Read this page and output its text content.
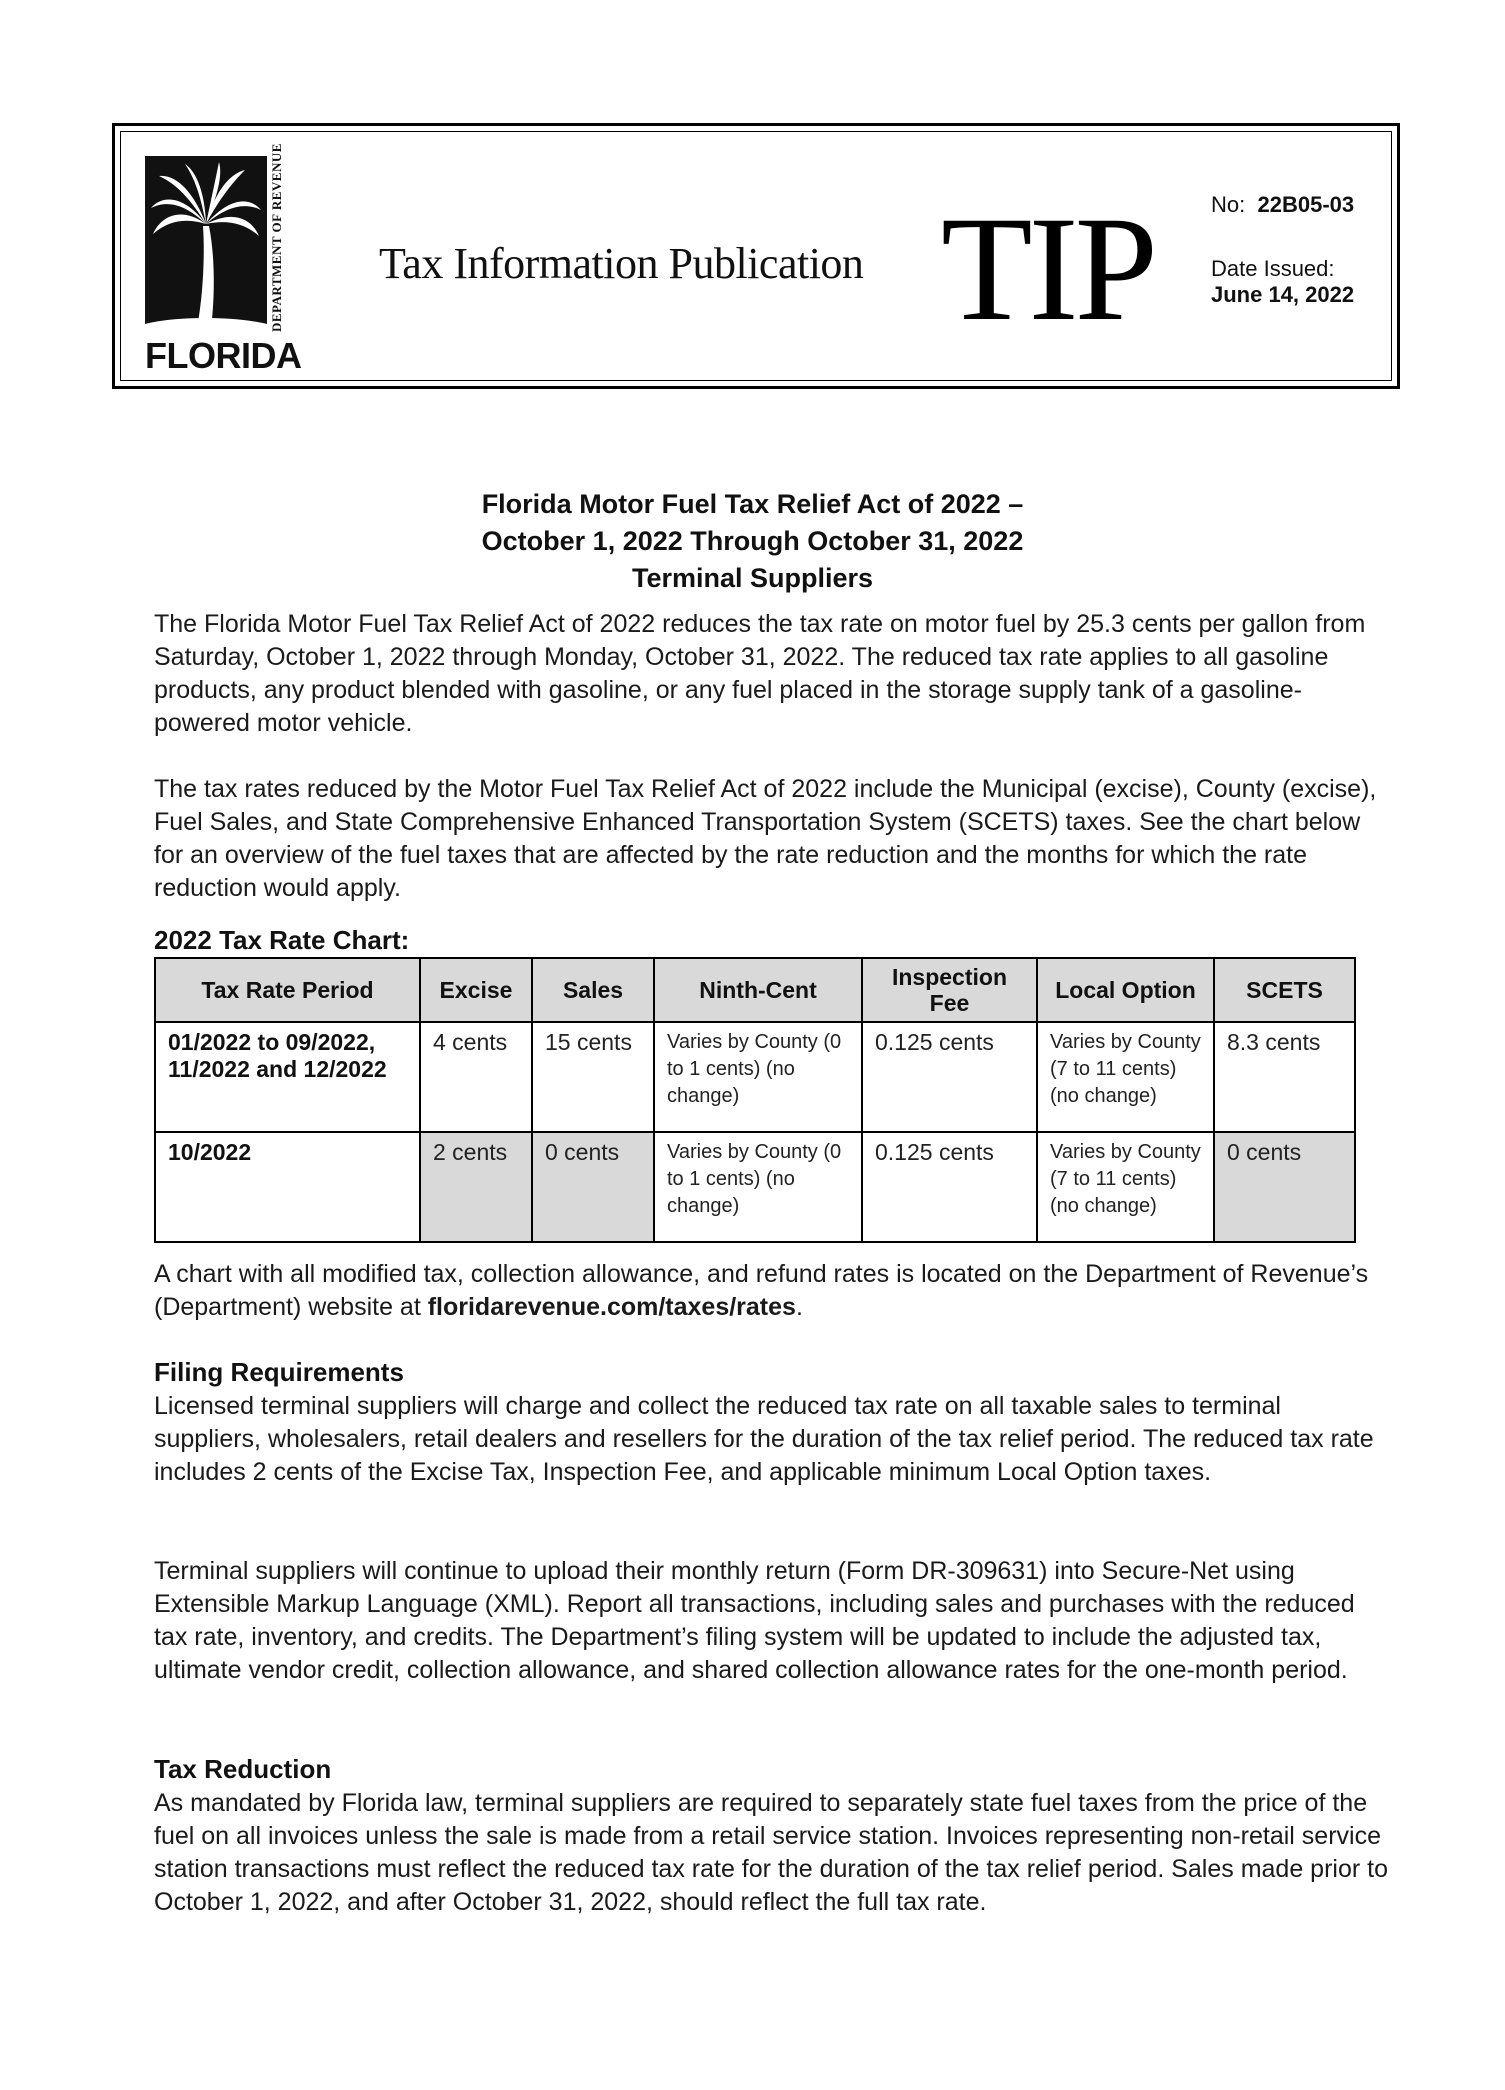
DEPARTMENT OF REVENUE
FLORIDA
Tax Information Publication TIP	No: 22B05-03
Date Issued:
June 14, 2022
Florida Motor Fuel Tax Relief Act of 2022 –
October 1, 2022 Through October 31, 2022
Terminal Suppliers
The Florida Motor Fuel Tax Relief Act of 2022 reduces the tax rate on motor fuel by 25.3 cents per gallon from Saturday, October 1, 2022 through Monday, October 31, 2022. The reduced tax rate applies to all gasoline products, any product blended with gasoline, or any fuel placed in the storage supply tank of a gasoline-powered motor vehicle.
The tax rates reduced by the Motor Fuel Tax Relief Act of 2022 include the Municipal (excise), County (excise), Fuel Sales, and State Comprehensive Enhanced Transportation System (SCETS) taxes. See the chart below for an overview of the fuel taxes that are affected by the rate reduction and the months for which the rate reduction would apply.
2022 Tax Rate Chart:
Tax Rate Period	Excise	Sales	Ninth-Cent	Inspection Fee	Local Option	SCETS
01/2022 to 09/2022, 11/2022 and 12/2022	4 cents	15 cents	Varies by County (0 to 1 cents) (no change)	0.125 cents	Varies by County (7 to 11 cents) (no change)	8.3 cents
10/2022	2 cents	0 cents	Varies by County (0 to 1 cents) (no change)	0.125 cents	Varies by County (7 to 11 cents) (no change)	0 cents
A chart with all modified tax, collection allowance, and refund rates is located on the Department of Revenue’s (Department) website at floridarevenue.com/taxes/rates.
Filing Requirements
Licensed terminal suppliers will charge and collect the reduced tax rate on all taxable sales to terminal suppliers, wholesalers, retail dealers and resellers for the duration of the tax relief period. The reduced tax rate includes 2 cents of the Excise Tax, Inspection Fee, and applicable minimum Local Option taxes.
Terminal suppliers will continue to upload their monthly return (Form DR-309631) into Secure-Net using Extensible Markup Language (XML). Report all transactions, including sales and purchases with the reduced tax rate, inventory, and credits. The Department’s filing system will be updated to include the adjusted tax, ultimate vendor credit, collection allowance, and shared collection allowance rates for the one-month period.
Tax Reduction
As mandated by Florida law, terminal suppliers are required to separately state fuel taxes from the price of the fuel on all invoices unless the sale is made from a retail service station. Invoices representing non-retail service station transactions must reflect the reduced tax rate for the duration of the tax relief period. Sales made prior to October 1, 2022, and after October 31, 2022, should reflect the full tax rate.
